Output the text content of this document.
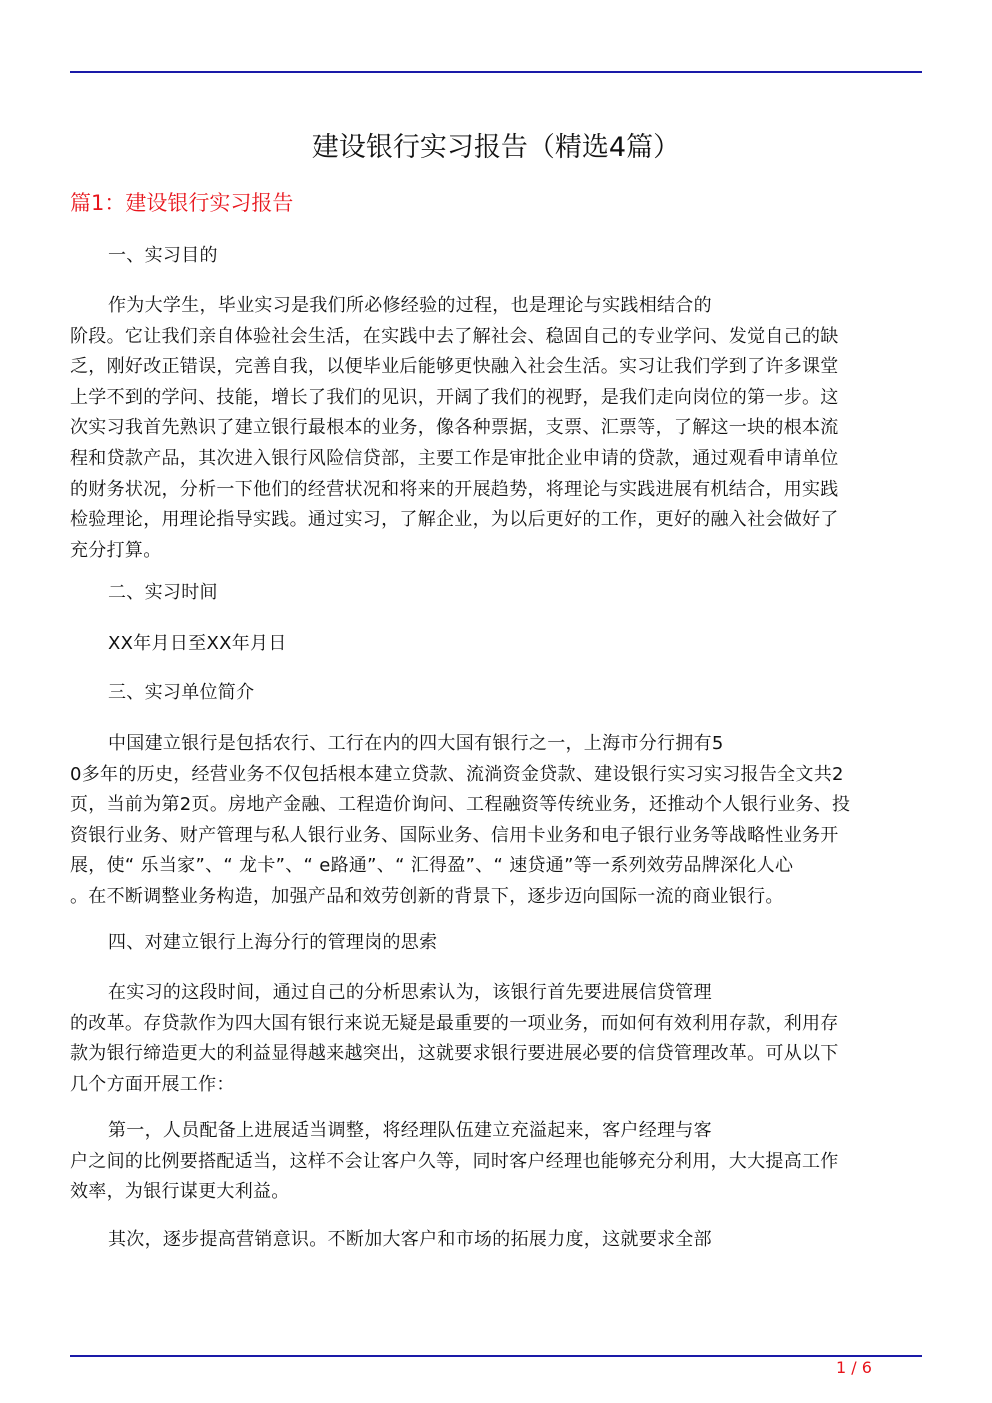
建设银行实习报告（精选4篇）
篇1：建设银行实习报告
一、实习目的
作为大学生，毕业实习是我们所必修经验的过程，也是理论与实践相结合的
阶段。它让我们亲自体验社会生活，在实践中去了解社会、稳固自己的专业学问、发觉自己的缺
乏，刚好改正错误，完善自我，以便毕业后能够更快融入社会生活。实习让我们学到了许多课堂
上学不到的学问、技能，增长了我们的见识，开阔了我们的视野，是我们走向岗位的第一步。这
次实习我首先熟识了建立银行最根本的业务，像各种票据，支票、汇票等，了解这一块的根本流
程和贷款产品，其次进入银行风险信贷部，主要工作是审批企业申请的贷款，通过观看申请单位
的财务状况，分析一下他们的经营状况和将来的开展趋势，将理论与实践进展有机结合，用实践
检验理论，用理论指导实践。通过实习，了解企业，为以后更好的工作，更好的融入社会做好了
充分打算。
二、实习时间
XX年月日至XX年月日
三、实习单位简介
中国建立银行是包括农行、工行在内的四大国有银行之一，上海市分行拥有5
0多年的历史，经营业务不仅包括根本建立贷款、流淌资金贷款、建设银行实习实习报告全文共2
页，当前为第2页。房地产金融、工程造价询问、工程融资等传统业务，还推动个人银行业务、投
资银行业务、财产管理与私人银行业务、国际业务、信用卡业务和电子银行业务等战略性业务开
展，使“ 乐当家”、“ 龙卡”、“ e路通”、“ 汇得盈”、“ 速贷通”等一系列效劳品牌深化人心
。在不断调整业务构造，加强产品和效劳创新的背景下，逐步迈向国际一流的商业银行。
四、对建立银行上海分行的管理岗的思索
在实习的这段时间，通过自己的分析思索认为，该银行首先要进展信贷管理
的改革。存贷款作为四大国有银行来说无疑是最重要的一项业务，而如何有效利用存款，利用存
款为银行缔造更大的利益显得越来越突出，这就要求银行要进展必要的信贷管理改革。可从以下
几个方面开展工作：
第一，人员配备上进展适当调整，将经理队伍建立充溢起来，客户经理与客
户之间的比例要搭配适当，这样不会让客户久等，同时客户经理也能够充分利用，大大提高工作
效率，为银行谋更大利益。
其次，逐步提高营销意识。不断加大客户和市场的拓展力度，这就要求全部
1 / 6
